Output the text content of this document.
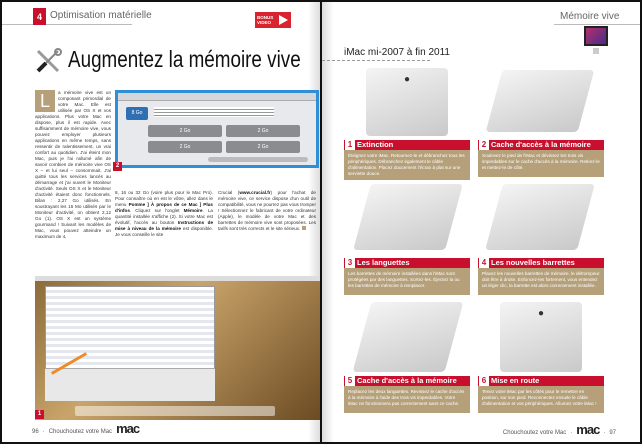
4 Optimisation matérielle	BONUS
VIDEO
Augmentez la mémoire vive
L	a mémoire vive est un composant primordial de votre Mac. Elle est utilisée par OS X et vos applications. Plus votre Mac en dispose, plus il est rapide. Avec suffisamment de mémoire vive, vous pouvez employer plusieurs applications en même temps, sans ressentir de ralentissement, un vrai confort au quotidien. J'ai éteint mon Mac, puis je l'ai rallumé afin de savoir combien de mémoire vive OS X – et lui seul – consommait. J'ai quitté tous les services lancés au démarrage et j'ai ouvert le Moniteur d'activité. Seuls OS X et le Moniteur d'activité étaient donc fonctionnels. Bilan : 2,27 Go utilisés. En soustrayant les 15 Mo utilisés par le Moniteur d'activité, on obtient 2,12 Go (1). OS X est un système gourmand ! Suivant les modèles de Mac, vous pouvez atteindre un maximum de 4,
8 Go
2 Go	2 Go
2 Go	2 Go
2
8, 16 ou 32 Go (voire plus pour le Mac Pro). Pour connaître où en est le vôtre, allez dans le menu Pomme ] À propos de ce Mac ] Plus d'infos. Cliquez sur l'onglet Mémoire. La quantité installée s'affiche (2). Si votre Mac est évolutif, l'accès au bouton Instructions de mise à niveau de la mémoire est disponible. Je vous conseille le site
Crucial (www.crucial.fr) pour l'achat de mémoire vive, ce service dispose d'un outil de compatibilité, vous ne pourrez pas vous tromper ! Sélectionnez le fabricant de votre ordinateur (Apple), le modèle de votre Mac et des barrettes de mémoire vive sont proposées. Les tarifs sont très corrects et le site sérieux.
1
96 · Chouchoutez votre Mac mac
Mémoire vive
iMac mi-2007 à fin 2011
●
●
1 Extinction
Éteignez votre iMac. Retournez-le et débranchez tous les périphériques. Débranchez également le câble d'alimentation. Placez doucement l'écran à plat sur une serviette douce.
2 Cache d'accès à la mémoire
Soulevez le pied de l'iMac et dévissez les trois vis imperdables sur le cache d'accès à la mémoire. Retirez-le et mettez-le de côté.
3 Les languettes
Les barrettes de mémoire installées dans l'iMac sont protégées par des languettes. Sortez-les. Éjectez la ou les barrettes de mémoire à remplacer.
4 Les nouvelles barrettes
Placez les nouvelles barrettes de mémoire, le détrompeur doit être à droite. Enfoncez-les fortement, vous entendez un léger clic, la barrette est alors correctement installée.
5 Cache d'accès à la mémoire
Replacez les deux languettes. Revissez le cache d'accès à la mémoire à l'aide des trois vis imperdables. Votre iMac ne fonctionnera pas correctement sans ce cache.
6 Mise en route
Tenez votre iMac par les côtés pour le remettre en position, sur son pied. Reconnectez ensuite le câble d'alimentation et vos périphériques. Allumez votre iMac !
Chouchoutez votre Mac · mac · 97
